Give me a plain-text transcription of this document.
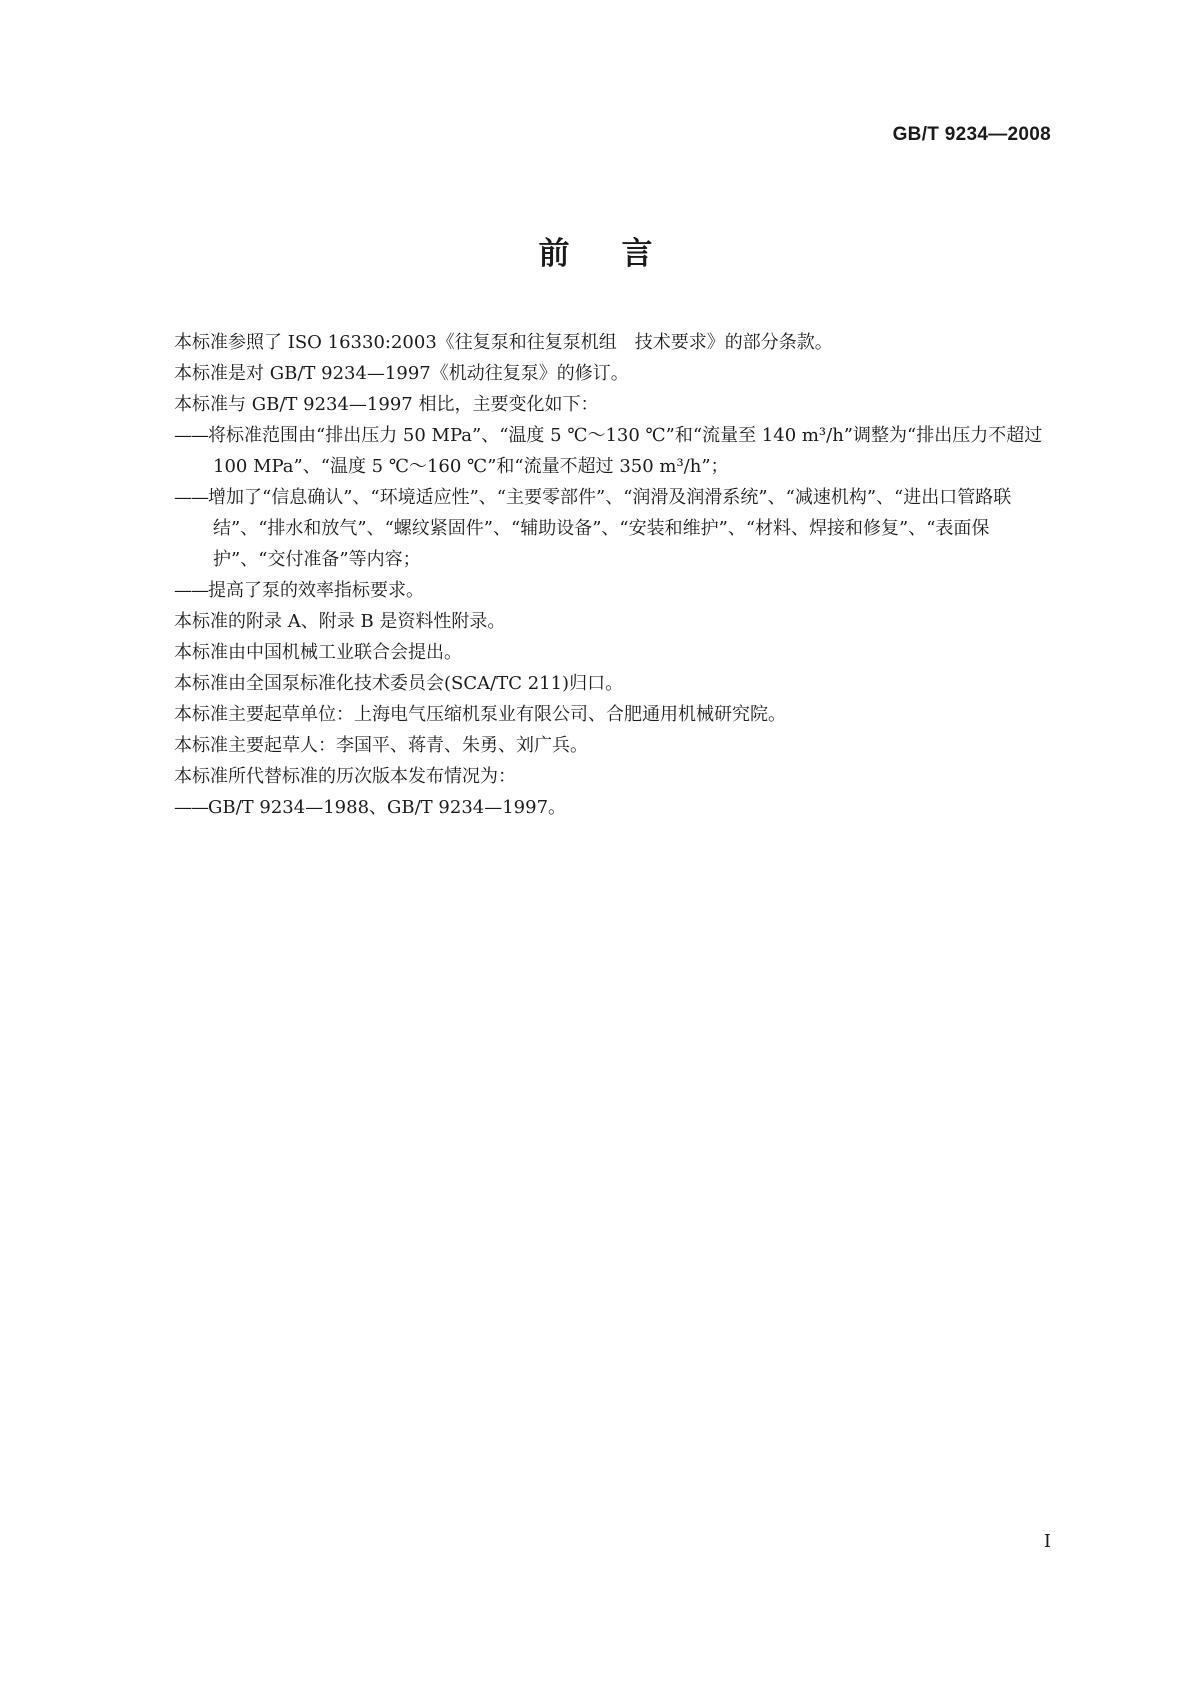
GB/T 9234—2008
前言

本标准参照了 ISO 16330:2003《往复泵和往复泵机组　技术要求》的部分条款。

本标准是对 GB/T 9234—1997《机动往复泵》的修订。

本标准与 GB/T 9234—1997 相比，主要变化如下：

——将标准范围由“排出压力 50 MPa”、“温度 5 ℃～130 ℃”和“流量至 140 m³/h”调整为“排出压力不超过 100 MPa”、“温度 5 ℃～160 ℃”和“流量不超过 350 m³/h”；

——增加了“信息确认”、“环境适应性”、“主要零部件”、“润滑及润滑系统”、“减速机构”、“进出口管路联结”、“排水和放气”、“螺纹紧固件”、“辅助设备”、“安装和维护”、“材料、焊接和修复”、“表面保护”、“交付准备”等内容；

——提高了泵的效率指标要求。

本标准的附录 A、附录 B 是资料性附录。

本标准由中国机械工业联合会提出。

本标准由全国泵标准化技术委员会(SCA/TC 211)归口。

本标准主要起草单位：上海电气压缩机泵业有限公司、合肥通用机械研究院。

本标准主要起草人：李国平、蒋青、朱勇、刘广兵。

本标准所代替标准的历次版本发布情况为：

——GB/T 9234—1988、GB/T 9234—1997。

I
